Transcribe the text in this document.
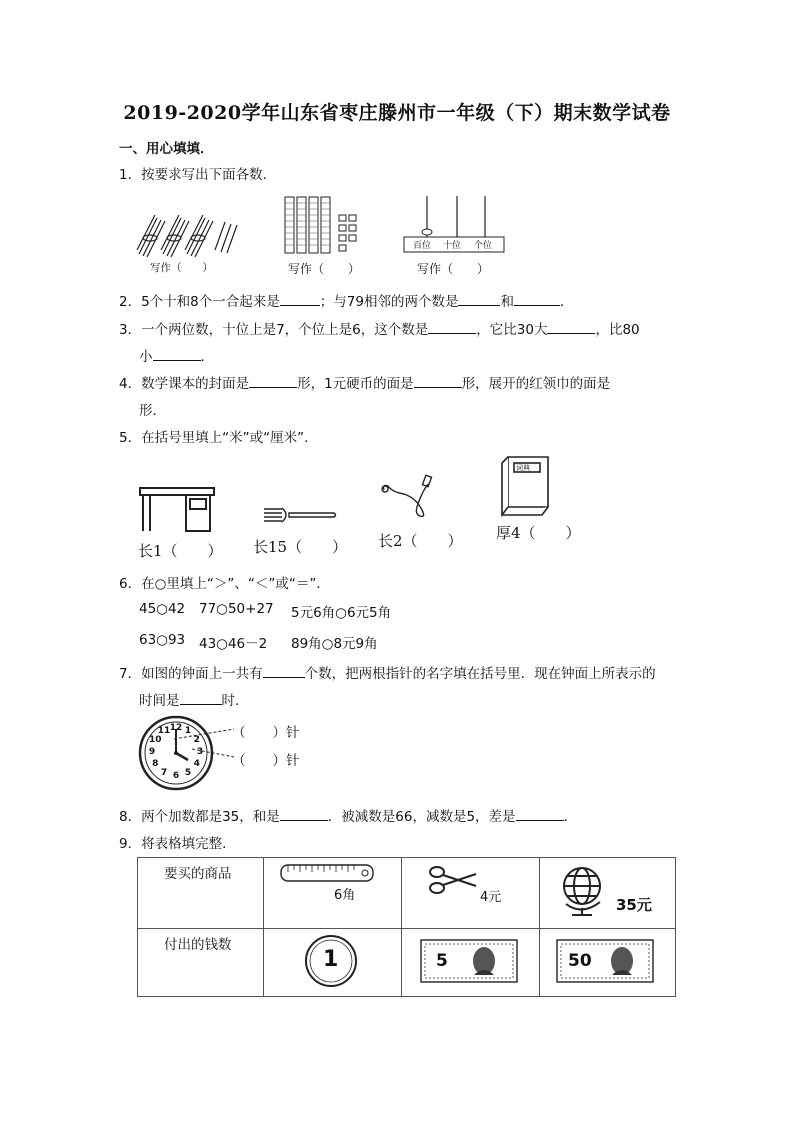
2019-2020学年山东省枣庄滕州市一年级（下）期末数学试卷
一、用心填填．
1．按要求写出下面各数．
写作（　　）	写作（　　）
百位 十位 个位
写作（　　）
2．5个十和8个一合起来是	；与79相邻的两个数是	和	．
3．一个两位数，十位上是7，个位上是6，这个数是	，它比30大	，比80
小	．
4．数学课本的封面是	形，1元硬币的面是	形，展开的红领巾的面是
形．
5．在括号里填上“米”或“厘米”．
长1（　　） 长15（　　） 长2（　　）
词典
厚4（　　）
6．在○里填上“＞”、“＜”或“＝”．
45○42 77○50+27 5元6角○6元5角
63○93 43○46－2 89角○8元9角
7．如图的钟面上一共有	个数，把两根指针的名字填在括号里．现在钟面上所表示的
时间是	时．
12 1
2
3
4
5
6
7
8
9
10
11	（　　）针
（　　）针
8．两个加数都是35，和是	．被减数是66，减数是5，差是	．
9．将表格填完整．
要买的商品	6角	4元	35元

付出的钱数	1	5	50
